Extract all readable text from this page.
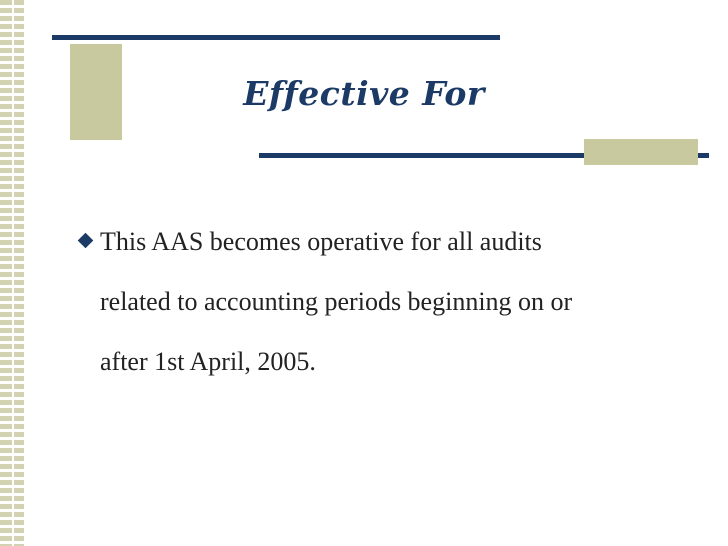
Effective For
This AAS becomes operative for all audits
related to accounting periods beginning on or
after 1st April, 2005.
